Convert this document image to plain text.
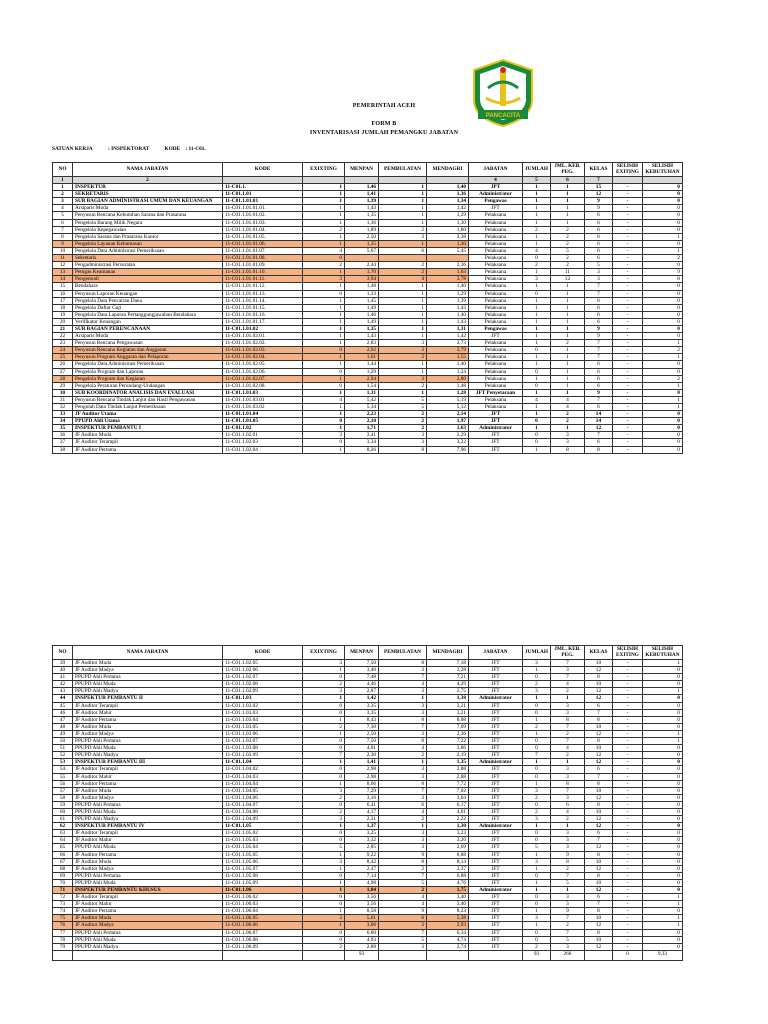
PANCACITA
PEMERINTAH ACEH
FORM B
INVENTARISASI JUMLAH PEMANGKU JABATAN
SATUAN KERJA	: INSPEKTORAT	KODE : 11-C01.
NO	NAMA JABATAN	KODE	EXIXTING	MENPAN	PEMBULATAN	MENDAGRI	JABATAN	JUMLAH	JML. KEB. PEG.	KELAS	SELISIH EXITING	SELISIH KEBUTUHAN
1	2						4	5	6	7		
1	INSPEKTUR	11-C01.1.	1	1,46	1	1,40	JPT	1	1	15	-	0
2	SEKRETARIS	11-C01.1.01	1	1,41	1	1,36	Administrator	1	1	12	-	0
3	SUB BAGIAN ADMINISTRASI UMUM DAN KEUANGAN	11-C01.1.01.01	1	1,39	1	1,34	Pengawas	1	1	9	-	0
4	Arsiparis Muda	11-C01.1.01.01.01.	1	1,43	1	1,42	JFT	1	1	9	-	0
5	Penyusun Rencana Kebutuhan Sarana dan Prasarana	11-C01.1.01.01.02.	1	1,35	1	1,29	Pelaksana	1	1	6	-	0
6	Pengelola Barang Milik Negara	11-C01.1.01.01.03.	1	1,36	1	1,30	Pelaksana	1	1	6	-	0
7	Pengelola Kepegawaian	11-C01.1.01.01.04.	2	1,89	2	1,80	Pelaksana	2	2	6	-	0
8	Pengelola Sarana dan Prasarana Kantor	11-C01.1.01.01.05.	1	2,50	3	2,38	Pelaksana	1	2	6	-	1
9	Pengelola Layanan Kehumasan	11-C01.1.01.01.06.	1	1,35	1	1,30	Pelaksana	1	2	6	-	0
10	Pengelola Data Administrasi Pemeriksaan	11-C01.1.01.01.07.	4	5,67	6	5,45	Pelaksana	4	5	6	-	1
11	Sekretaris	11-C01.1.01.01.08.	0				Pelaksana	0	2	6	-	2
12	Pengadministrasi Persuratan	11-C01.1.01.01.09.	2	2,44	2	2,36	Pelaksana	2	2	5	-	0
13	Petugas Keamanan	11-C01.1.01.01.10.	1	1,70	2	1,63	Pelaksana	1	11	3	-	9
14	Pengemudi	11-C01.1.01.01.11.	3	3,94	4	3,78	Pelaksana	3	12	3	-	8
15	Bendahara	11-C01.1.01.01.12.	1	1,48	1	1,40	Pelaksana	1	1	7	-	0
16	Penyusun Laporan Keuangan	11-C01.1.01.01.13.	0	1,33	1	1,29	Pelaksana	0	1	7	-	0
17	Pengelola Data Pencairan Dana	11-C01.1.01.01.14.	1	1,45	1	1,39	Pelaksana	1	1	6	-	0
18	Pengelola Daftar Gaji	11-C01.1.01.01.15.	1	1,49	1	1,43	Pelaksana	1	1	6	-	0
19	Pengelola Data Laporan Pertanggungjawaban Bendahara	11-C01.1.01.01.16.	1	1,46	1	1,40	Pelaksana	1	1	6	-	0
20	Verifikator Keuangan	11-C01.1.01.01.17.	1	1,49	1	1,43	Pelaksana	1	1	6	-	0
21	SUB BAGIAN PERENCANAAN	11-C01.1.01.02	1	1,35	1	1,31	Pengawas	1	1	9	-	0
22	Arsiparis Muda	11-C01.1.01.02.01.	1	1,43	1	1,42	JFT	1	1	9	-	0
23	Penyusun Rencana Pengawasan	11-C01.1.01.02.02.	1	2,83	3	2,73	Pelaksana	1	2	7	-	1
24	Penyusun Rencana Kegiatan dan Anggaran	11-C01.1.01.02.03.	0	2,92	3	2,79	Pelaksana	0	1	7	-	2
25	Penyusun Program Anggaran dan Pelaporan	11-C01.1.01.02.04.	1	1,61	2	1,55	Pelaksana	1	1	7	-	1
26	Pengelola Data Administrasi Pemeriksaan	11-C01.1.01.02.05.	1	1,44	1	1,40	Pelaksana	1	1	6	-	0
27	Pengelola Program dan Laporan	11-C01.1.01.02.06.	0	1,29	1	1,24	Pelaksana	0	1	6	-	0
28	Pengelola Program dan Kegiatan	11-C01.1.01.02.07.	1	2,94	3	2,80	Pelaksana	1	1	6	-	2
29	Pengelola Peraturan Perundang-Undangan	11-C01.1.01.02.08.	0	1,54	2	1,48	Pelaksana	0	1	6	-	1
30	SUB KOORDINATOR ANALISIS DAN EVALUASI	11-C01.1.01.03	1	1,31	1	1,28	JFT Penyetaraan	1	1	9	-	0
31	Penyusun Rencana Tindak Lanjut dan Hasil Pengawasan	11-C01.1.01.03.01	4	5,42	5	5,19	Pelaksana	4	4	7	-	1
32	Pengolah Data Tindak Lanjut Pemeriksaan	11-C01.1.01.03.02	1	5,34	5	5,12	Pelaksana	1	4	6	-	1
33	JF Auditor Utama	11-C01.1.01.04	1	2,23	2	2,14	JFT	1	2	14	-	0
34	PPUPD Ahli Utama	11-C01.1.01.05	0	2,10	2	1,97	JFT	0	2	14	-	0
35	INSPEKTUR PEMBANTU I	11-C01.1.02	1	1,71	2	1,63	Administrator	1	1	12	-	0
36	JF Auditor Muda	11-C01.1.02.01	3	3,41	3	3,29	JFT	0	3	7	-	0
37	JF Auditor Terampil	11-C01.1.02.03	0	3,34	3	3,22	JFT	0	3	6	-	0
38	JF Auditor Pertama	11-C01.1.02.04	1	8,26	8	7,96	JFT	1	8	8	-	0
NO	NAMA JABATAN	KODE	EXIXTING	MENPAN	PEMBULATAN	MENDAGRI	JABATAN	JUMLAH	JML. KEB. PEG.	KELAS	SELISIH EXITING	SELISIH KEBUTUHAN
39	JF Auditor Muda	11-C01.1.02.05	3	7,50	8	7,18	JFT	3	7	10	-	1
40	JF Auditor Madya	11-C01.1.02.06	1	3,40	3	3,28	JFT	1	3	12	-	0
41	PPUPD Ahli Pertama	11-C01.1.02.07	0	7,48	7	7,21	JFT	0	7	8	-	0
42	PPUPD Ahli Muda	11-C01.1.02.08	2	4,46	4	4,29	JFT	2	4	10	-	0
43	PPUPD Ahli Madya	11-C01.1.02.09	3	2,87	3	2,75	JFT	3	2	12	-	1
44	INSPEKTUR PEMBANTU II	11-C01.1.03	1	1,42	1	1,38	Administrator	1	1	12	-	0
45	JF Auditor Terampil	11-C01.1.03.02	0	3,35	3	3,21	JFT	0	3	6	-	0
46	JF Auditor Mahir	11-C01.1.03.03	0	3,35	3	3,21	JFT	0	3	7	-	0
47	JF Auditor Pertama	11-C01.1.03.04	1	8,43	8	8,08	JFT	1	8	8	-	0
48	JF Auditor Muda	11-C01.1.03.05	2	7,30	7	7,09	JFT	2	7	10	-	0
49	JF Auditor Madya	11-C01.1.03.06	1	2,50	3	2,36	JFT	1	2	12	-	1
50	PPUPD Ahli Pertama	11-C01.1.03.07	0	7,50	8	7,22	JFT	0	7	8	-	1
51	PPUPD Ahli Muda	11-C01.1.03.08	0	4,01	4	3,86	JFT	0	4	10	-	0
52	PPUPD Ahli Madya	11-C01.1.03.09	7	2,30	2	2,19	JFT	7	2	12	-	0
53	INSPEKTUR PEMBANTU III	11-C01.1.04	1	1,41	1	1,35	Administrator	1	1	12	-	0
54	JF Auditor Terampil	11-C01.1.04.02	0	2,98	3	2,88	JFT	0	3	6	-	0
55	JF Auditor Mahir	11-C01.1.04.03	0	2,98	3	2,88	JFT	0	3	7	-	0
56	JF Auditor Pertama	11-C01.1.04.04	1	8,06	8	7,72	JFT	1	8	8	-	0
57	JF Auditor Muda	11-C01.1.04.05	3	7,29	7	7,02	JFT	3	7	10	-	0
58	JF Auditor Madya	11-C01.1.04.06	2	3,16	3	3,04	JFT	2	3	12	-	0
59	PPUPD Ahli Pertama	11-C01.1.04.07	0	6,41	6	6,17	JFT	0	6	8	-	0
60	PPUPD Ahli Muda	11-C01.1.04.08	2	4,17	4	4,01	JFT	2	4	10	-	0
61	PPUPD Ahli Madya	11-C01.1.04.09	3	2,31	2	2,22	JFT	3	2	12	-	0
62	INSPEKTUR PEMBANTU IV	11-C01.1.05	1	1,37	1	1,30	Administrator	1	1	12	-	0
63	JF Auditor Terampil	11-C01.1.05.02	0	3,25	3	3,23	JFT	0	3	6	-	0
64	JF Auditor Mahir	11-C01.1.05.03	0	3,32	3	3,20	JFT	0	3	7	-	0
65	PPUPD Ahli Muda	11-C01.1.05.04	5	2,85	3	2,69	JFT	5	3	12	-	0
66	JF Auditor Pertama	11-C01.1.05.05	1	9,22	9	8,88	JFT	1	9	8	-	0
67	JF Auditor Muda	11-C01.1.05.06	3	8,42	8	8,14	JFT	3	8	10	-	0
68	JF Auditor Madya	11-C01.1.05.07	1	2,47	2	2,37	JFT	1	2	12	-	0
69	PPUPD Ahli Pertama	11-C01.1.05.08	0	7,14	7	6,88	JFT	0	7	8	-	0
70	PPUPD Ahli Muda	11-C01.1.05.09	1	4,98	5	4,76	JFT	1	5	10	-	0
71	INSPEKTUR PEMBANTU KHUSUS	11-C01.1.06	1	1,84	2	1,75	Administrator	1	1	12	-	0
72	JF Auditor Terampil	11-C01.1.06.02	0	3,56	4	3,40	JFT	0	3	6	-	1
73	JF Auditor Mahir	11-C01.1.06.03	0	3,56	4	3,40	JFT	0	3	7	-	1
74	JF Auditor Pertama	11-C01.1.06.04	1	8,58	9	8,23	JFT	1	9	8	-	0
75	JF Auditor Muda	11-C01.1.06.05	3	5,61	6	5,38	JFT	3	7	10	-	1
76	JF Auditor Madya	11-C01.1.06.06	1	3,06	3	2,93	JFT	1	2	12	-	1
77	PPUPD Ahli Pertama	11-C01.1.06.07	0	6,60	7	6,34	JFT	0	7	8	-	0
78	PPUPD Ahli Muda	11-C01.1.06.08	0	4,93	5	4,74	JFT	0	5	10	-	0
79	PPUPD Ahli Madya	11-C01.1.06.09	2	2,88	3	2,74	JFT	2	3	12	-	0
				93				93	266		0	9,33
